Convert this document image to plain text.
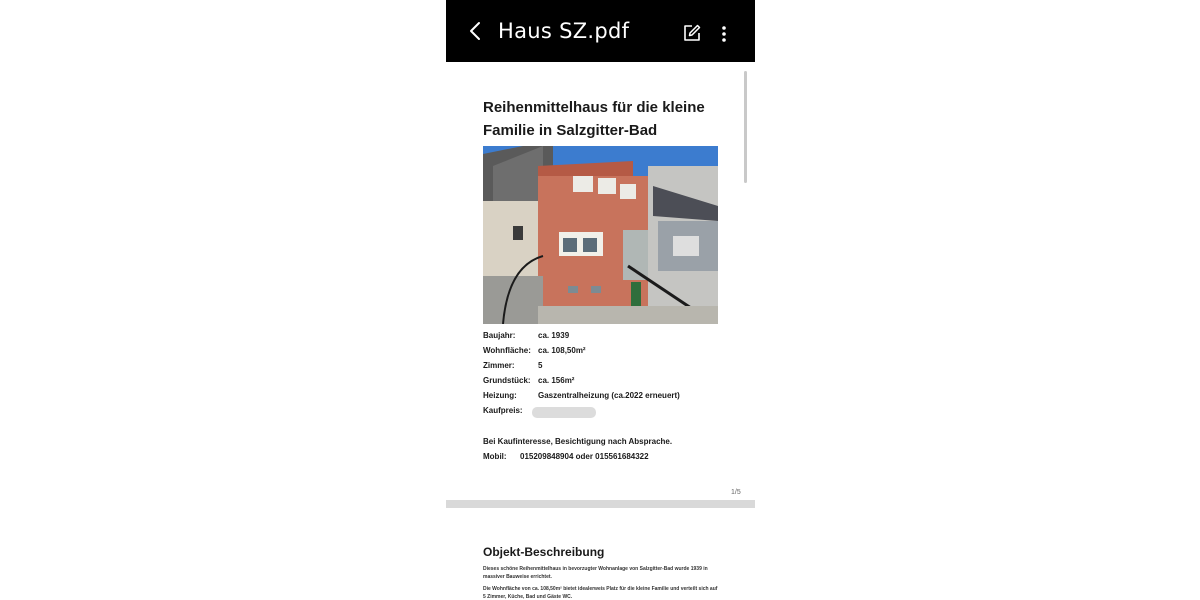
Haus SZ.pdf
Reihenmittelhaus für die kleine Familie in Salzgitter-Bad
Baujahr:	ca. 1939
Wohnfläche: ca. 108,50m²
Zimmer:	5
Grundstück: ca. 156m²
Heizung:	Gaszentralheizung (ca.2022 erneuert)
Kaufpreis:
Bei Kaufinteresse, Besichtigung nach Absprache.
Mobil: 015209848904 oder 015561684322
1/5
Objekt-Beschreibung
Dieses schöne Reihenmittelhaus in bevorzugter Wohnanlage von Salzgitter-Bad wurde 1939 in massiver Bauweise errichtet.
Die Wohnfläche von ca. 108,50m² bietet idealerweis Platz für die kleine Familie und verteilt sich auf 5 Zimmer, Küche, Bad und Gäste WC.
